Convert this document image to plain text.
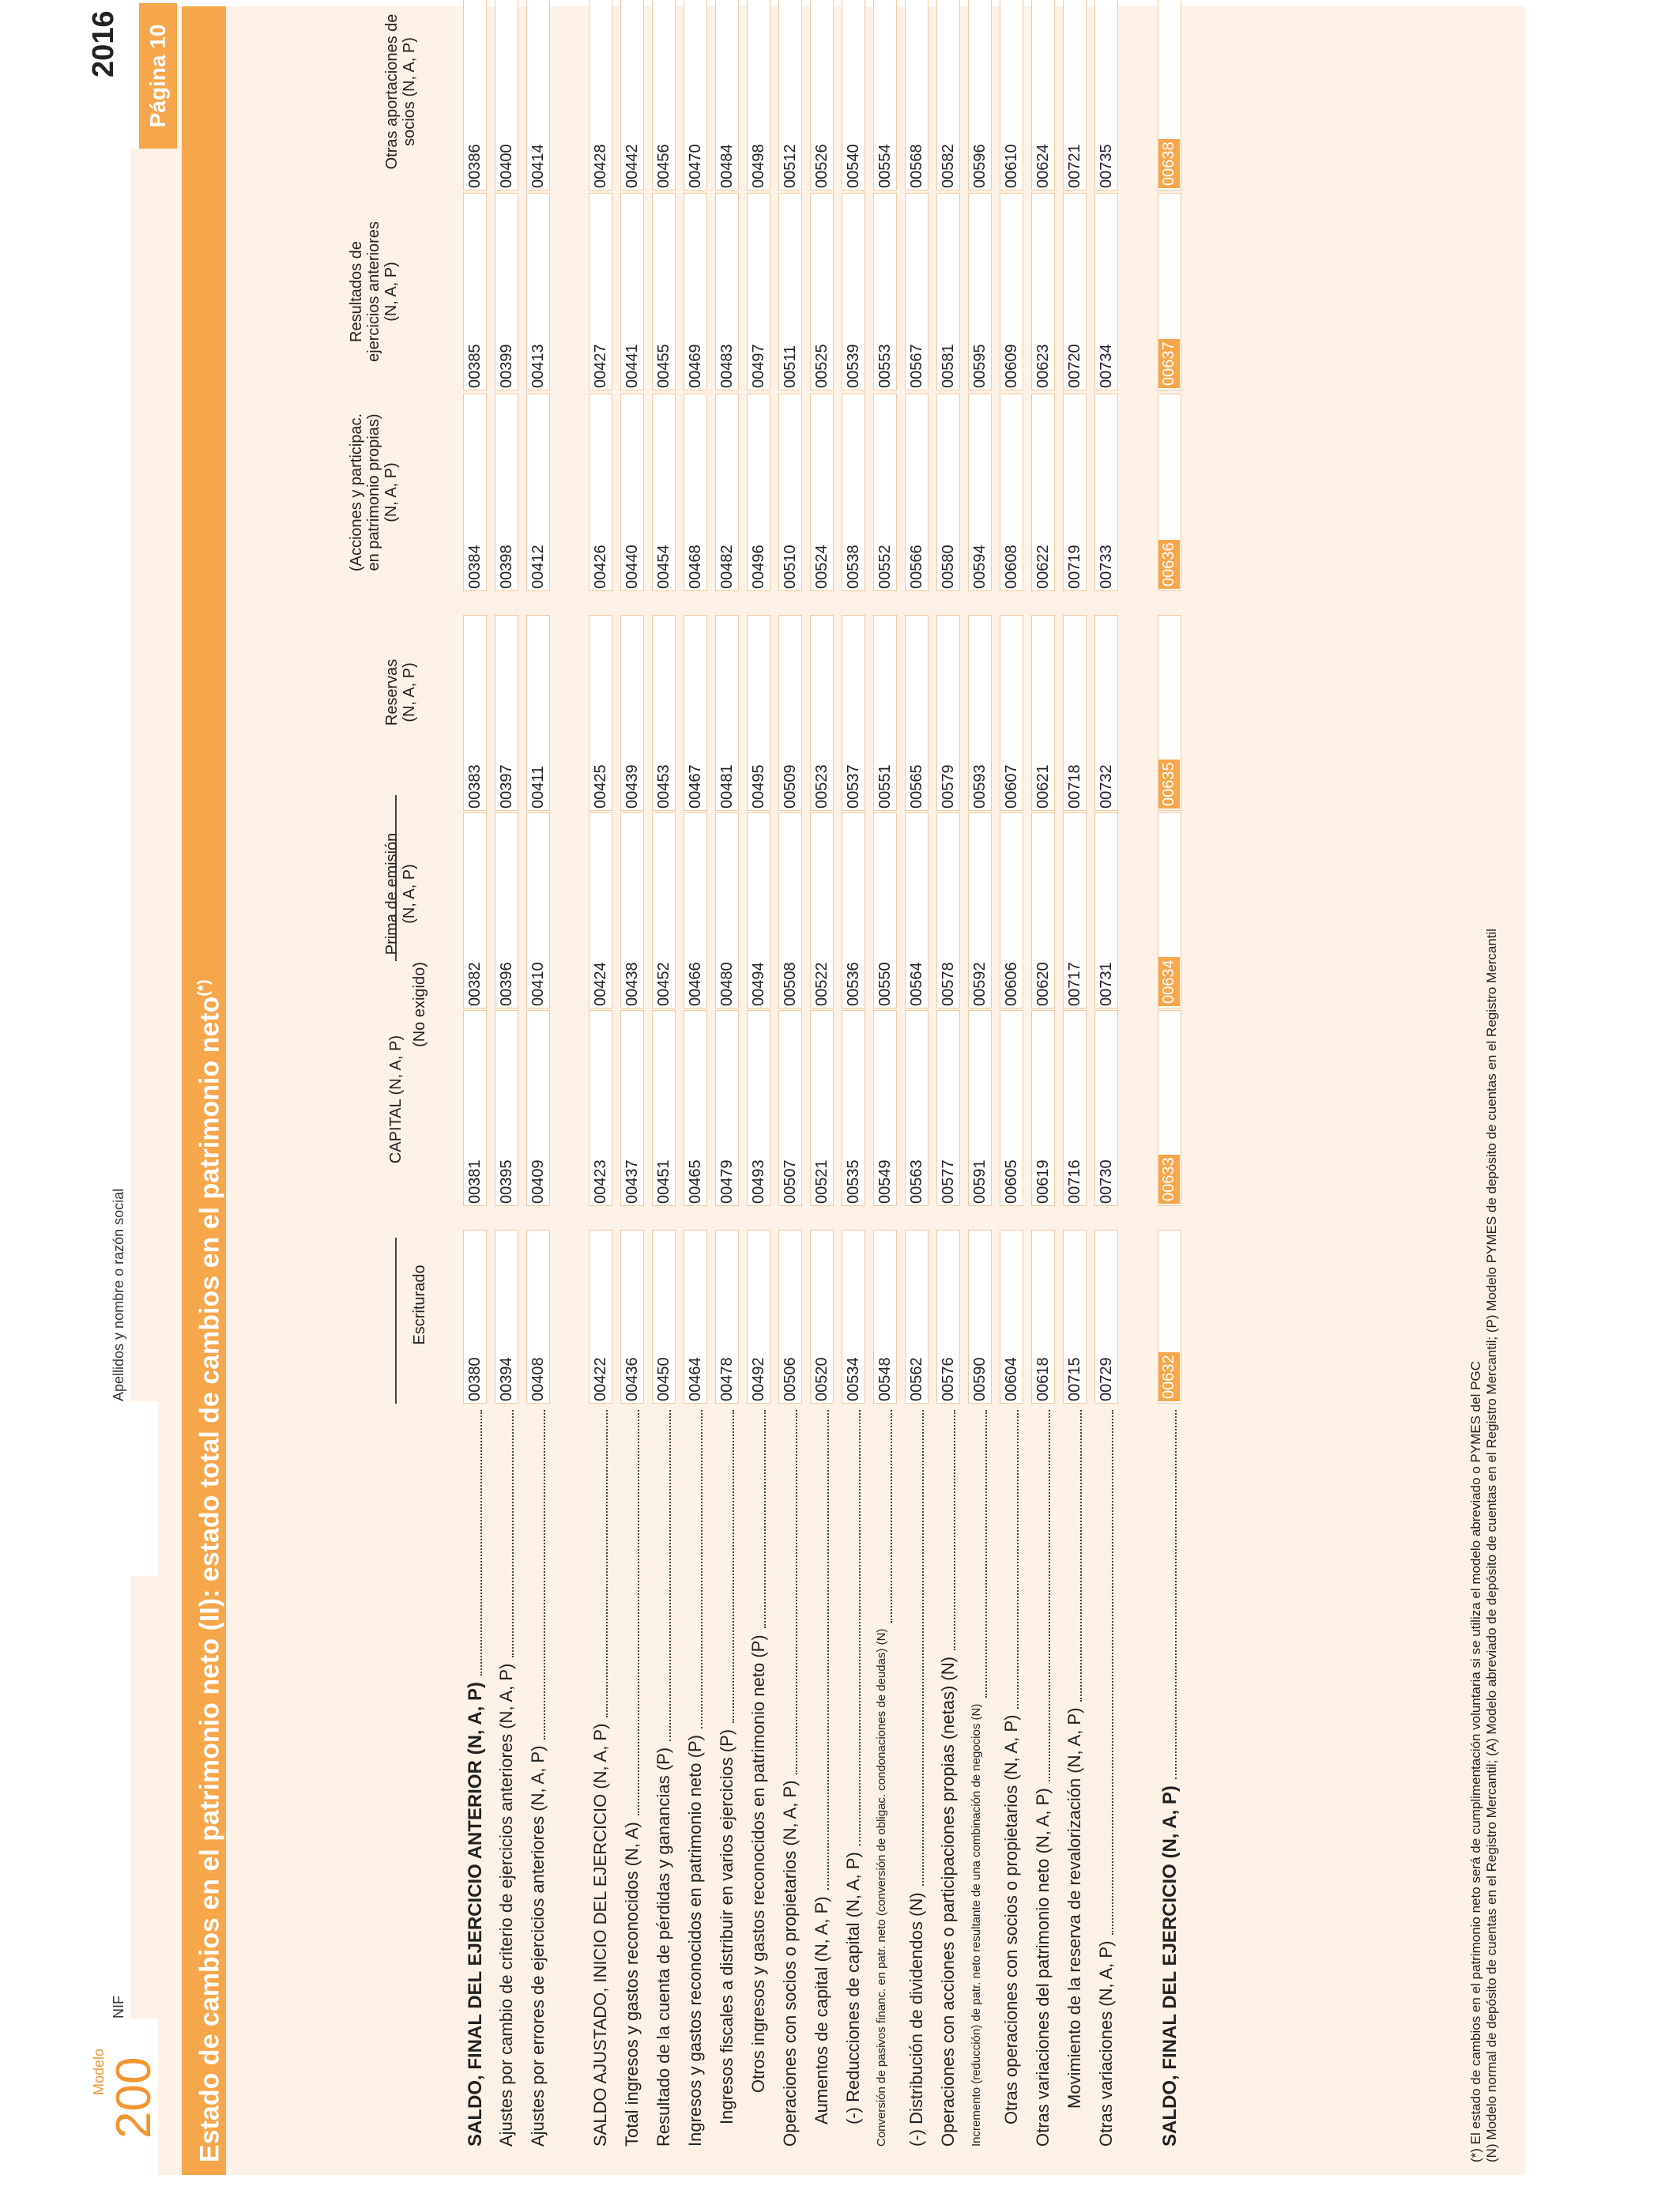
Modelo 200
NIF
Apellidos y nombre o razón social
2016 Página 10
Estado de cambios en el patrimonio neto (II): estado total de cambios en el patrimonio neto(*)
CAPITAL (N, A, P)
Escriturado
(No exigido)
Prima de emisión (N, A, P)
Reservas (N, A, P)
(Acciones y participac. en patrimonio propias) (N, A, P)
Resultados de ejercicios anteriores (N, A, P)
Otras aportaciones de socios (N, A, P)
SALDO, FINAL DEL EJERCICIO ANTERIOR (N, A, P)
00380
00381
00382
00383
00384
00385
00386
Ajustes por cambio de criterio de ejercicios anteriores (N, A, P)
00394
00395
00396
00397
00398
00399
00400
Ajustes por errores de ejercicios anteriores (N, A, P)
00408
00409
00410
00411
00412
00413
00414
SALDO AJUSTADO, INICIO DEL EJERCICIO (N, A, P)
00422
00423
00424
00425
00426
00427
00428
Total ingresos y gastos reconocidos (N, A)
00436
00437
00438
00439
00440
00441
00442
Resultado de la cuenta de pérdidas y ganancias (P)
00450
00451
00452
00453
00454
00455
00456
Ingresos y gastos reconocidos en patrimonio neto (P)
00464
00465
00466
00467
00468
00469
00470
Ingresos fiscales a distribuir en varios ejercicios (P)
00478
00479
00480
00481
00482
00483
00484
Otros ingresos y gastos reconocidos en patrimonio neto (P)
00492
00493
00494
00495
00496
00497
00498
Operaciones con socios o propietarios (N, A, P)
00506
00507
00508
00509
00510
00511
00512
Aumentos de capital (N, A, P)
00520
00521
00522
00523
00524
00525
00526
(-) Reducciones de capital (N, A, P)
00534
00535
00536
00537
00538
00539
00540
Conversión de pasivos financ. en patr. neto (conversión de obligac. condonaciones de deudas) (N)
00548
00549
00550
00551
00552
00553
00554
(-) Distribución de dividendos (N)
00562
00563
00564
00565
00566
00567
00568
Operaciones con acciones o participaciones propias (netas) (N)
00576
00577
00578
00579
00580
00581
00582
Incremento (reducción) de patr. neto resultante de una combinación de negocios (N)
00590
00591
00592
00593
00594
00595
00596
Otras operaciones con socios o propietarios (N, A, P)
00604
00605
00606
00607
00608
00609
00610
Otras variaciones del patrimonio neto (N, A, P)
00618
00619
00620
00621
00622
00623
00624
Movimiento de la reserva de revalorización (N, A, P)
00715
00716
00717
00718
00719
00720
00721
Otras variaciones (N, A, P)
00729
00730
00731
00732
00733
00734
00735
SALDO, FINAL DEL EJERCICIO (N, A, P)
00632
00633
00634
00635
00636
00637
00638
(*) El estado de cambios en el patrimonio neto será de cumplimentación voluntaria si se utiliza el modelo abreviado o PYMES del PGC (N) Modelo normal de depósito de cuentas en el Registro Mercantil; (A) Modelo abreviado de depósito de cuentas en el Registro Mercantil; (P) Modelo PYMES de depósito de cuentas en el Registro Mercantil
